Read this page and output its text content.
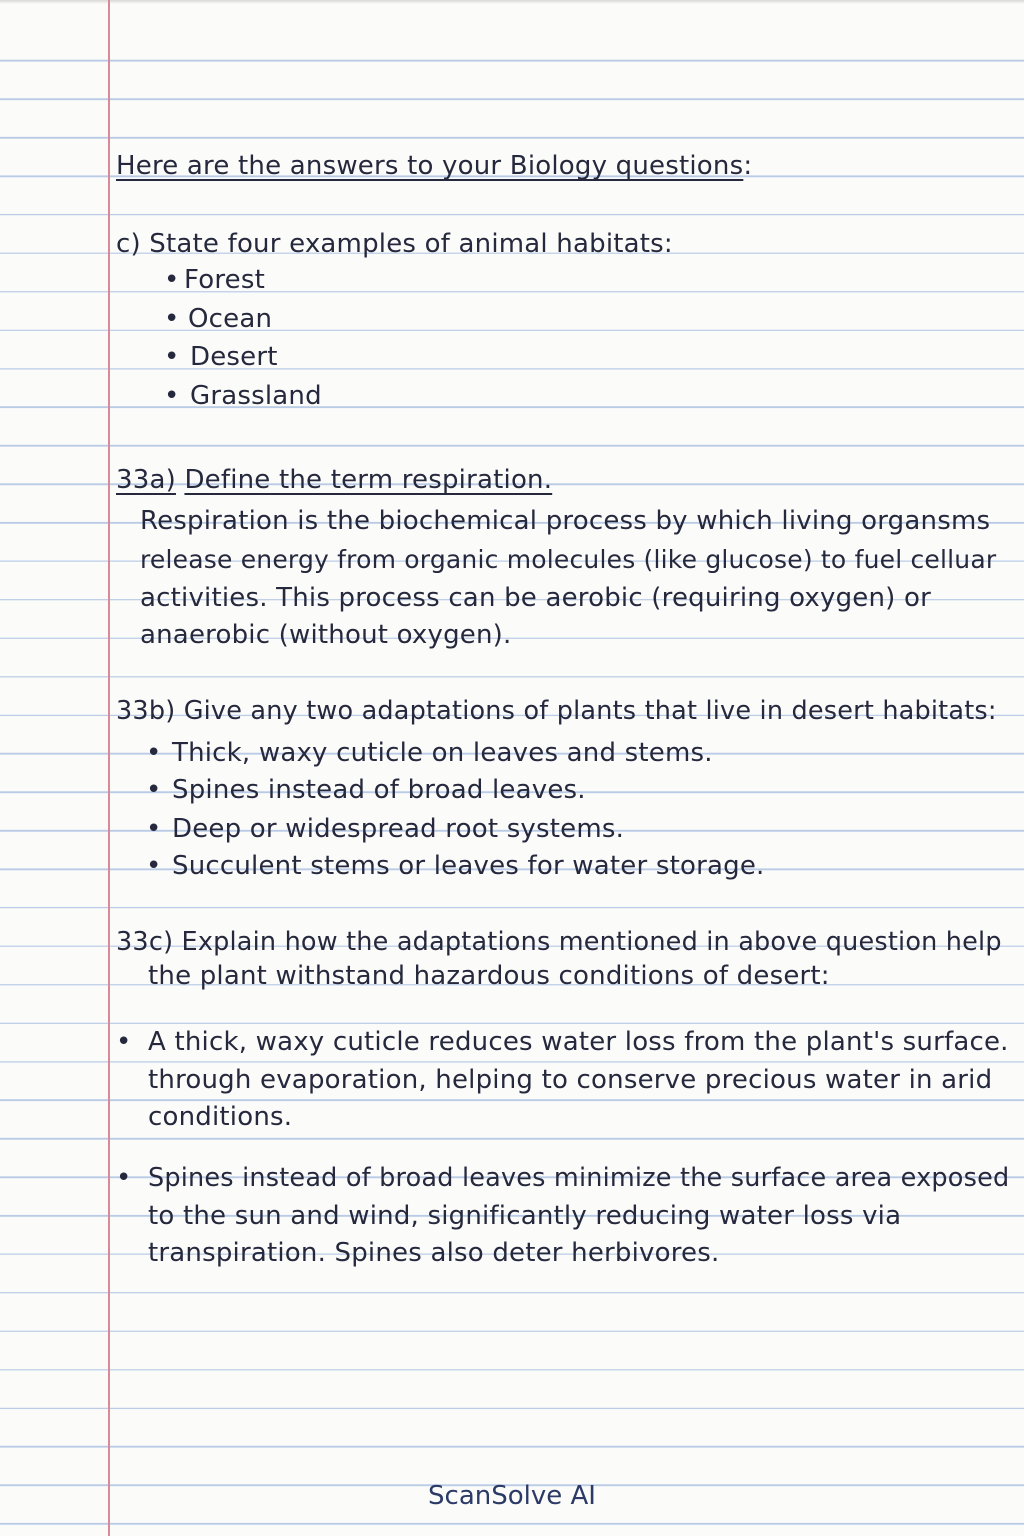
Here are the answers to your Biology questions:
c) State four examples of animal habitats:
• Forest
• Ocean
• Desert
• Grassland
33a) Define the term respiration.
Respiration is the biochemical process by which living organsms
release energy from organic molecules (like glucose) to fuel celluar
activities. This process can be aerobic (requiring oxygen) or
anaerobic (without oxygen).
33b) Give any two adaptations of plants that live in desert habitats:
• Thick, waxy cuticle on leaves and stems.
• Spines instead of broad leaves.
• Deep or widespread root systems.
• Succulent stems or leaves for water storage.
33c) Explain how the adaptations mentioned in above question help
the plant withstand hazardous conditions of desert:
• A thick, waxy cuticle reduces water loss from the plant's surface.
through evaporation, helping to conserve precious water in arid
conditions.
• Spines instead of broad leaves minimize the surface area exposed
to the sun and wind, significantly reducing water loss via
transpiration. Spines also deter herbivores.
ScanSolve AI
